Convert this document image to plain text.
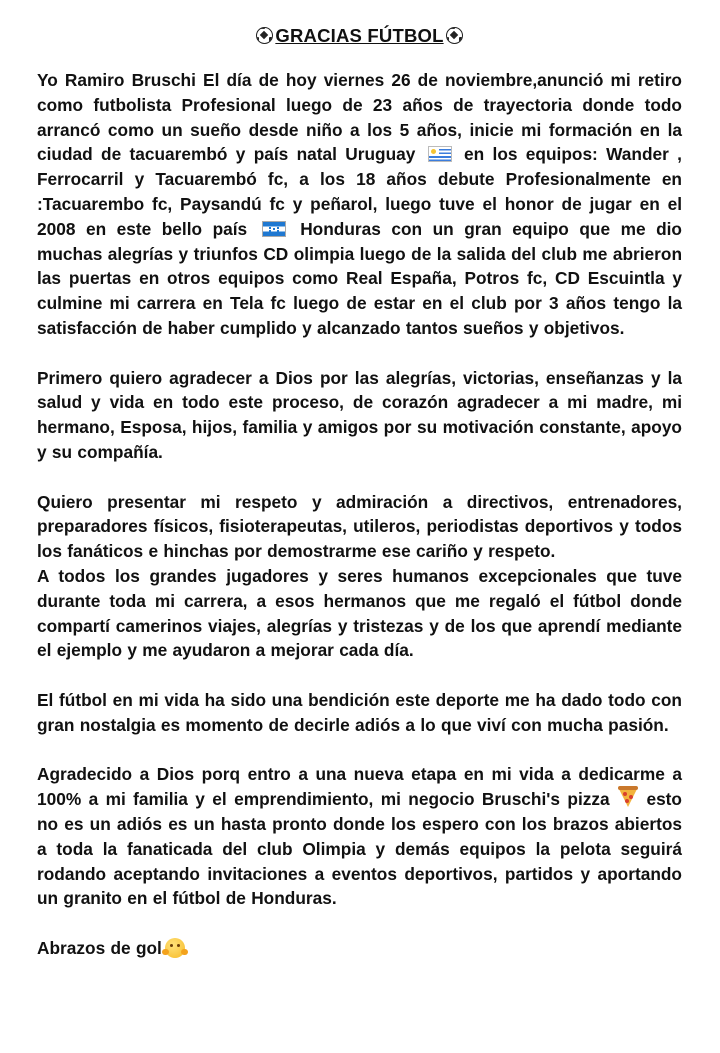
GRACIAS FÚTBOL

Yo Ramiro Bruschi El día de hoy viernes 26 de noviembre,anunció mi retiro como futbolista Profesional luego de 23 años de trayectoria donde todo arrancó como un sueño desde niño a los 5 años, inicie mi formación en la ciudad de tacuarembó y país natal Uruguay	en los equipos: Wander , Ferrocarril y Tacuarembó fc, a los 18 años debute Profesionalmente en :Tacuarembo fc, Paysandú fc y peñarol, luego tuve el honor de jugar en el 2008 en este bello país	Honduras con un gran equipo que me dio muchas alegrías y triunfos CD olimpia luego de la salida del club me abrieron las puertas en otros equipos como Real España, Potros fc, CD Escuintla y culmine mi carrera en Tela fc luego de estar en el club por 3 años tengo la satisfacción de haber cumplido y alcanzado tantos sueños y objetivos.

Primero quiero agradecer a Dios por las alegrías, victorias, enseñanzas y la salud y vida en todo este proceso, de corazón agradecer a mi madre, mi hermano, Esposa, hijos, familia y amigos por su motivación constante, apoyo y su compañía.

Quiero presentar mi respeto y admiración a directivos, entrenadores, preparadores físicos, fisioterapeutas, utileros, periodistas deportivos y todos los fanáticos e hinchas por demostrarme ese cariño y respeto.

A todos los grandes jugadores y seres humanos excepcionales que tuve durante toda mi carrera, a esos hermanos que me regaló el fútbol donde compartí camerinos viajes, alegrías y tristezas y de los que aprendí mediante el ejemplo y me ayudaron a mejorar cada día.

El fútbol en mi vida ha sido una bendición este deporte me ha dado todo con gran nostalgia es momento de decirle adiós a lo que viví con mucha pasión.

Agradecido a Dios porq entro a una nueva etapa en mi vida a dedicarme a 100% a mi familia y el emprendimiento, mi negocio Bruschi's pizza esto no es un adiós es un hasta pronto donde los espero con los brazos abiertos a toda la fanaticada del club Olimpia y demás equipos la pelota seguirá rodando aceptando invitaciones a eventos deportivos, partidos y aportando un granito en el fútbol de Honduras.

Abrazos de gol
